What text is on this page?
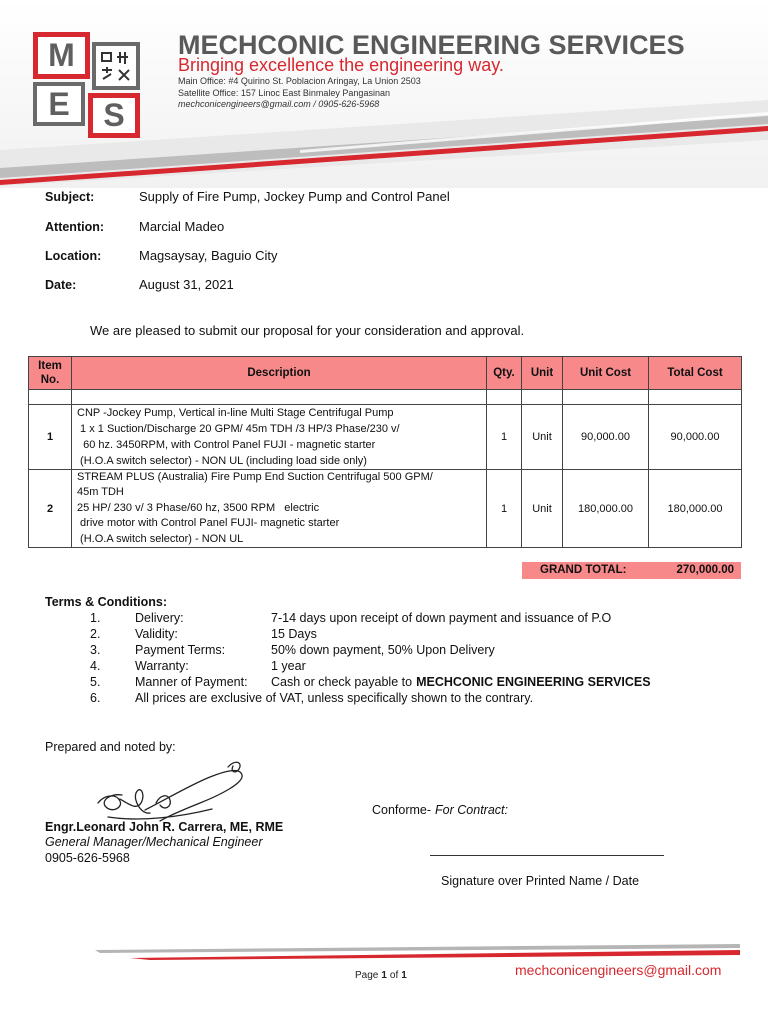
M
E S
MECHCONIC ENGINEERING SERVICES
Bringing excellence the engineering way.
Main Office: #4 Quirino St. Poblacion Aringay, La Union 2503
Satellite Office: 157 Linoc East Binmaley Pangasinan
mechconicengineers@gmail.com / 0905-626-5968
Subject:	Supply of Fire Pump, Jockey Pump and Control Panel
Attention:	Marcial Madeo
Location:	Magsaysay, Baguio City
Date:	August 31, 2021
We are pleased to submit our proposal for your consideration and approval.
Item No.	Description	Qty.	Unit	Unit Cost	Total Cost

1	CNP -Jockey Pump, Vertical in-line Multi Stage Centrifugal Pump
1 x 1 Suction/Discharge 20 GPM/ 45m TDH /3 HP/3 Phase/230 v/
60 hz. 3450RPM, with Control Panel FUJI - magnetic starter
(H.O.A switch selector) - NON UL (including load side only)	1	Unit	90,000.00	90,000.00
2	STREAM PLUS (Australia) Fire Pump End Suction Centrifugal 500 GPM/
45m TDH
25 HP/ 230 v/ 3 Phase/60 hz, 3500 RPM   electric
drive motor with Control Panel FUJI- magnetic starter
(H.O.A switch selector) - NON UL	1	Unit	180,000.00	180,000.00
GRAND TOTAL:	270,000.00
Terms & Conditions:
1.	Delivery:	7-14 days upon receipt of down payment and issuance of P.O
2.	Validity:	15 Days
3.	Payment Terms:	50% down payment, 50% Upon Delivery
4.	Warranty:	1 year
5.	Manner of Payment: Cash or check payable to MECHCONIC ENGINEERING SERVICES
6.	All prices are exclusive of VAT, unless specifically shown to the contrary.
Prepared and noted by:
Conforme- For Contract:
Engr.Leonard John R. Carrera, ME, RME
General Manager/Mechanical Engineer
0905-626-5968
Signature over Printed Name / Date
Page 1 of 1	mechconicengineers@gmail.com
